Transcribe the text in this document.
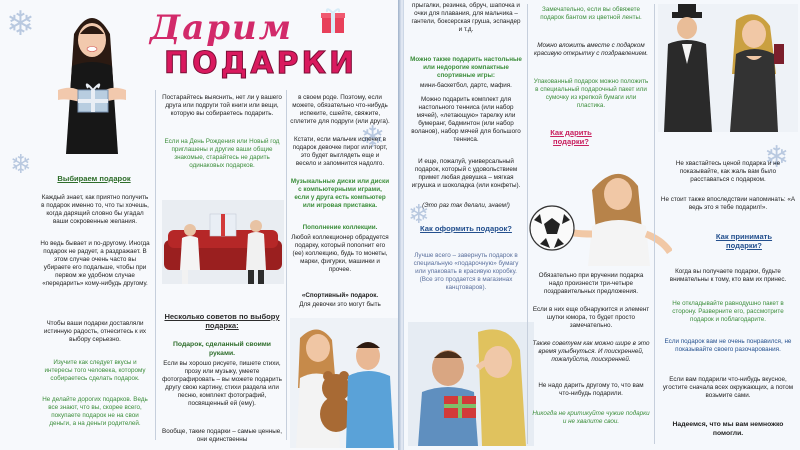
❄
❄
❄
Дарим
ПОДАРКИ
Выбираем подарок
Каждый знает, как приятно получить в подарок именно то, что ты хочешь, когда дарящий словно бы угадал ваши сокровенные желания.
Но ведь бывает и по-другому. Иногда подарок не радует, а раздражает. В этом случае очень часто вы убираете его подальше, чтобы при первом же удобном случае «передарить» кому-нибудь другому.
Чтобы ваши подарки доставляли истинную радость, отнеситесь к их выбору серьезно.
Изучите как следует вкусы и интересы того человека, которому собираетесь сделать подарок.
Не делайте дорогих подарков. Ведь все знают, что вы, скорее всего, покупаете подарок не на свои деньги, а на деньги родителей.
Постарайтесь выяснить, нет ли у вашего друга или подруги той книги или вещи, которую вы собираетесь подарить.
Если на День Рождения или Новый год приглашены и другие ваши общие знакомые, старайтесь не дарить одинаковых подарков.
Несколько советов по выбору подарка:
Подарок, сделанный своими руками.
Если вы хорошо рисуете, пишете стихи, прозу или музыку, умеете фотографировать – вы можете подарить другу свою картину, стихи раздела или песню, комплект фотографий, посвященный ей (ему).
Вообще, такие подарки – самые ценные, они единственны
в своем роде. Поэтому, если можете, обязательно что-нибудь испеките, сшейте, свяжите, сплетите для подруги (или друга).
Кстати, если мальчик испечет в подарок девочке пирог или торт, это будет выглядеть еще и весело и запомнится надолго.
Музыкальные диски или диски с компьютерными играми, если у друга есть компьютер или игровая приставка.
Пополнение коллекции.
Любой коллекционер обрадуется подарку, который пополнит его (ее) коллекцию, будь то монеты, марки, фигурки, машинки и прочее.
«Спортивный» подарок.
Для девочки это могут быть
❄
❄
прыгалки, резинка, обруч, шапочка и очки для плавания, для мальчика – гантели, боксерская груша, эспандер и т.д.
Можно также подарить настольные или недорогие компактные спортивные игры:
мини-баскетбол, дартс, мафия.
Можно подарить комплект для настольного тенниса (или набор мячей), «летающую» тарелку или бумеранг, бадминтон (или набор воланов), набор мячей для большого тенниса.
И еще, пожалуй, универсальный подарок, который с удовольствием примет любая девушка – мягкая игрушка и шоколадка (или конфеты).
(Это раз так делали, знаем!)
Как оформить подарок?
Лучше всего – завернуть подарок в специальную «подарочную» бумагу или упаковать в красивую коробку. (Все это продается в магазинах канцтоваров).
Замечательно, если вы обвяжете подарок бантом из цветной ленты.
Можно вложить вместе с подарком красивую открытку с поздравлением.
Упакованный подарок можно положить в специальный подарочный пакет или сумочку из крепкой бумаги или пластика.
Как дарить подарки?
Обязательно при вручении подарка надо произнести три-четыре поздравительных предложения.
Если в них еще обнаружится и элемент шутки юмора, то будет просто замечательно.
Также советуем как можно шире в это время улыбнуться. И поискренней, пожалуйста, поискренней.
Не надо дарить другому то, что вам что-нибудь подарили.
Никогда не критикуйте чужие подарки и не хвалите свои.
Не хвастайтесь ценой подарка и не показывайте, как жаль вам было расставаться с подарком.
Не стоит также впоследствии напоминать: «А ведь это я тебе подарил!».
Как принимать подарки?
Когда вы получаете подарки, будьте внимательны к тому, кто вам их принес.
Не откладывайте равнодушно пакет в сторону. Разверните его, рассмотрите подарок и поблагодарите.
Если подарок вам не очень понравился, не показывайте своего разочарования.
Если вам подарили что-нибудь вкусное, угостите сначала всех окружающих, а потом возьмите сами.
Надеемся, что мы вам немножко помогли.
